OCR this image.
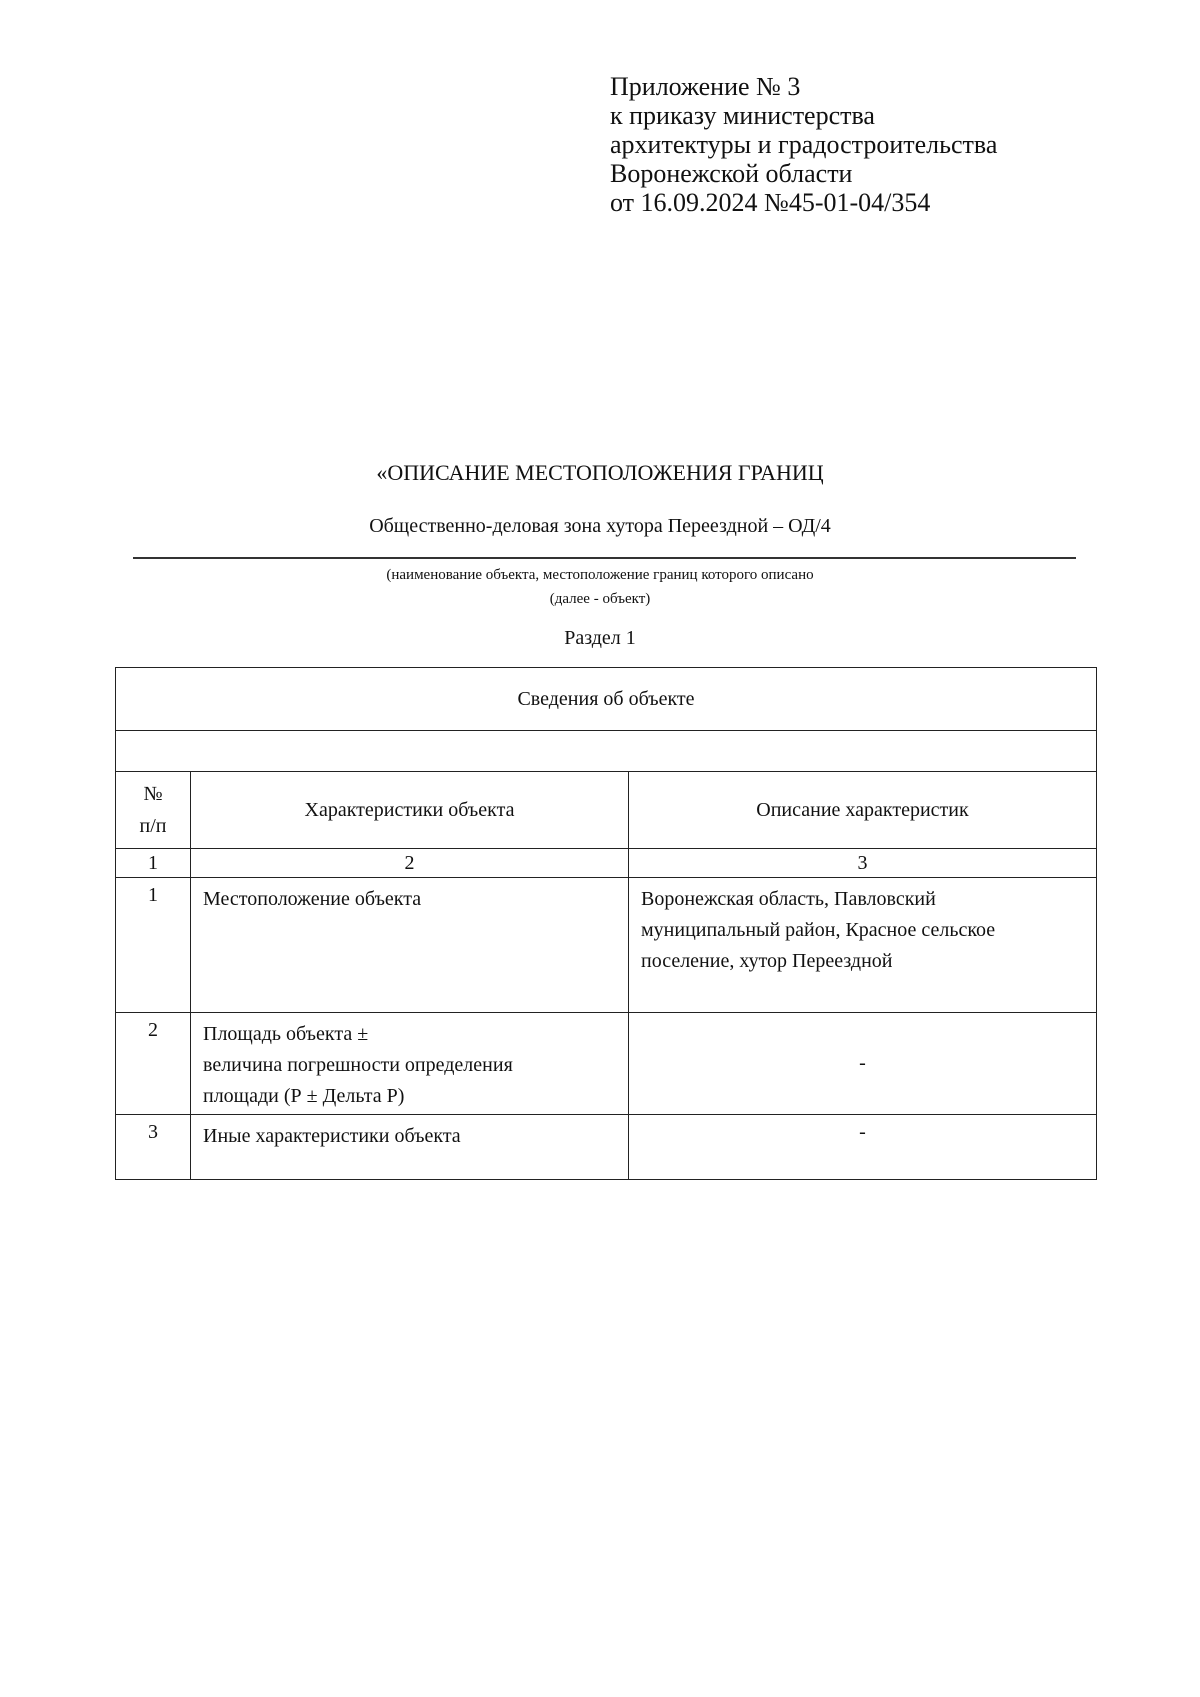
Приложение № 3
к приказу министерства
архитектуры и градостроительства
Воронежской области
от 16.09.2024 №45-01-04/354
«ОПИСАНИЕ МЕСТОПОЛОЖЕНИЯ ГРАНИЦ
Общественно-деловая зона хутора Переездной – ОД/4
(наименование объекта, местоположение границ которого описано
(далее - объект)
Раздел 1
Сведения об объекте		

№
п/п	Характеристики объекта	Описание характеристик
1	2	3
1	Местоположение объекта	Воронежская область, Павловский
муниципальный район, Красное сельское
поселение, хутор Переездной

2	Площадь объекта ±
величина погрешности определения
площади (Р ± Дельта Р)	-
3	Иные характеристики объекта	-
